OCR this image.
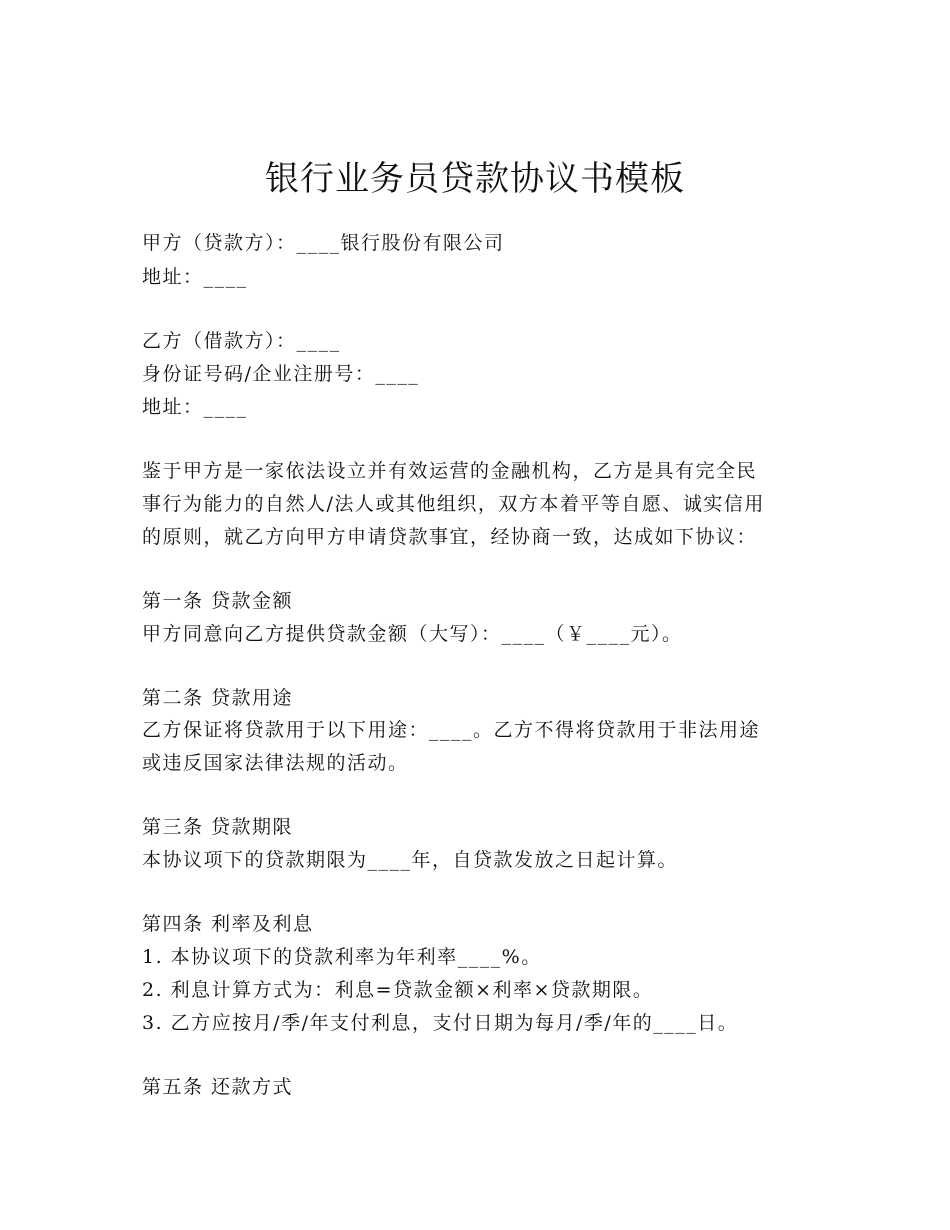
银行业务员贷款协议书模板
甲方（贷款方）：____银行股份有限公司
地址：____
乙方（借款方）：____
身份证号码/企业注册号：____
地址：____
鉴于甲方是一家依法设立并有效运营的金融机构，乙方是具有完全民
事行为能力的自然人/法人或其他组织，双方本着平等自愿、诚实信用
的原则，就乙方向甲方申请贷款事宜，经协商一致，达成如下协议：
第一条 贷款金额
甲方同意向乙方提供贷款金额（大写）：____（￥____元）。
第二条 贷款用途
乙方保证将贷款用于以下用途：____。乙方不得将贷款用于非法用途
或违反国家法律法规的活动。
第三条 贷款期限
本协议项下的贷款期限为____年，自贷款发放之日起计算。
第四条 利率及利息
1. 本协议项下的贷款利率为年利率____%。
2. 利息计算方式为：利息=贷款金额×利率×贷款期限。
3. 乙方应按月/季/年支付利息，支付日期为每月/季/年的____日。
第五条 还款方式
